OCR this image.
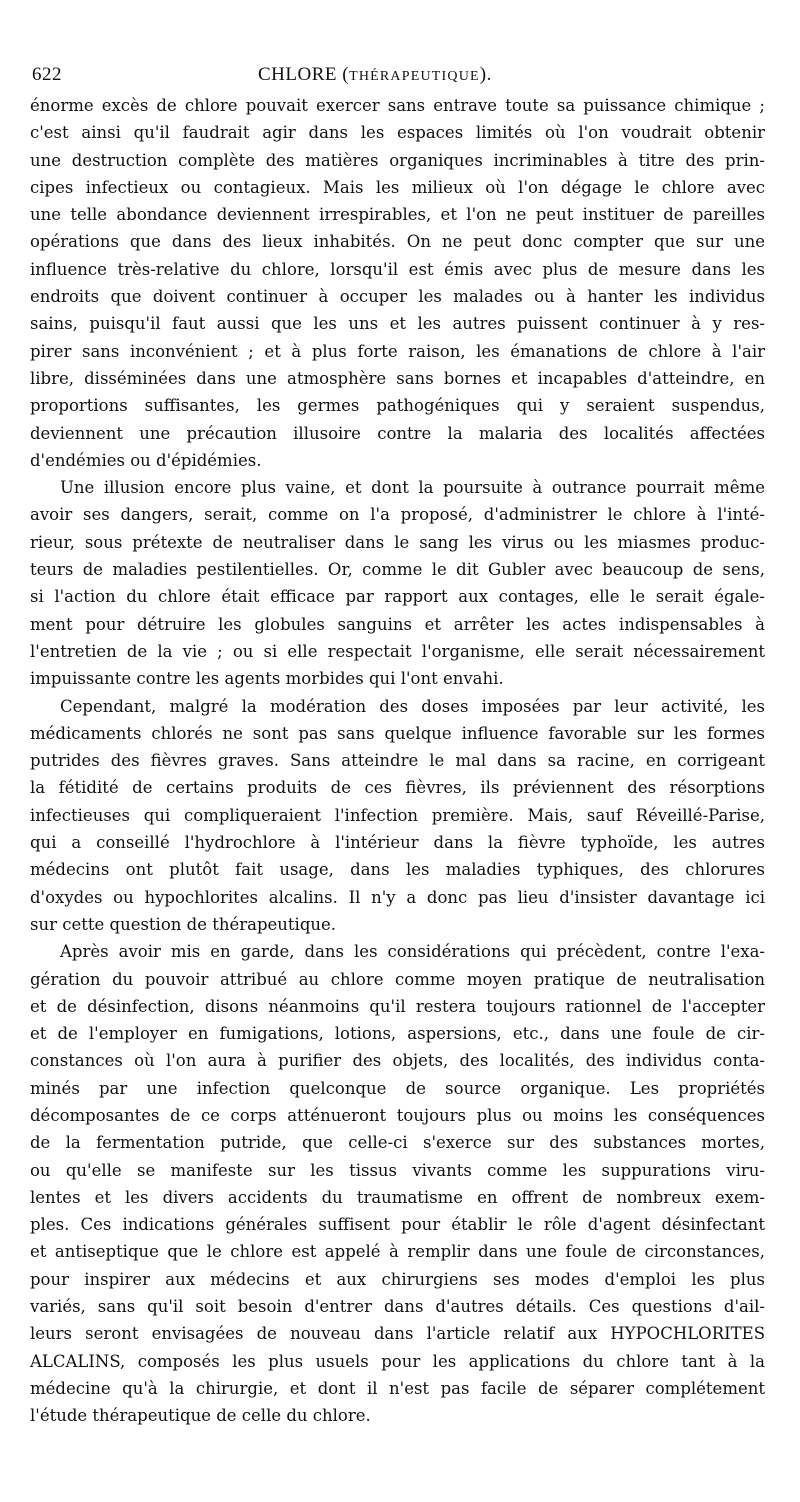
622	CHLORE (THÉRAPEUTIQUE).
énorme excès de chlore pouvait exercer sans entrave toute sa puissance chimique ;
c'est ainsi qu'il faudrait agir dans les espaces limités où l'on voudrait obtenir
une destruction complète des matières organiques incriminables à titre des prin-
cipes infectieux ou contagieux. Mais les milieux où l'on dégage le chlore avec
une telle abondance deviennent irrespirables, et l'on ne peut instituer de pareilles
opérations que dans des lieux inhabités. On ne peut donc compter que sur une
influence très-relative du chlore, lorsqu'il est émis avec plus de mesure dans les
endroits que doivent continuer à occuper les malades ou à hanter les individus
sains, puisqu'il faut aussi que les uns et les autres puissent continuer à y res-
pirer sans inconvénient ; et à plus forte raison, les émanations de chlore à l'air
libre, disséminées dans une atmosphère sans bornes et incapables d'atteindre, en
proportions suffisantes, les germes pathogéniques qui y seraient suspendus,
deviennent une précaution illusoire contre la malaria des localités affectées
d'endémies ou d'épidémies.
Une illusion encore plus vaine, et dont la poursuite à outrance pourrait même
avoir ses dangers, serait, comme on l'a proposé, d'administrer le chlore à l'inté-
rieur, sous prétexte de neutraliser dans le sang les virus ou les miasmes produc-
teurs de maladies pestilentielles. Or, comme le dit Gubler avec beaucoup de sens,
si l'action du chlore était efficace par rapport aux contages, elle le serait égale-
ment pour détruire les globules sanguins et arrêter les actes indispensables à
l'entretien de la vie ; ou si elle respectait l'organisme, elle serait nécessairement
impuissante contre les agents morbides qui l'ont envahi.
Cependant, malgré la modération des doses imposées par leur activité, les
médicaments chlorés ne sont pas sans quelque influence favorable sur les formes
putrides des fièvres graves. Sans atteindre le mal dans sa racine, en corrigeant
la fétidité de certains produits de ces fièvres, ils préviennent des résorptions
infectieuses qui compliqueraient l'infection première. Mais, sauf Réveillé-Parise,
qui a conseillé l'hydrochlore à l'intérieur dans la fièvre typhoïde, les autres
médecins ont plutôt fait usage, dans les maladies typhiques, des chlorures
d'oxydes ou hypochlorites alcalins. Il n'y a donc pas lieu d'insister davantage ici
sur cette question de thérapeutique.
Après avoir mis en garde, dans les considérations qui précèdent, contre l'exa-
gération du pouvoir attribué au chlore comme moyen pratique de neutralisation
et de désinfection, disons néanmoins qu'il restera toujours rationnel de l'accepter
et de l'employer en fumigations, lotions, aspersions, etc., dans une foule de cir-
constances où l'on aura à purifier des objets, des localités, des individus conta-
minés par une infection quelconque de source organique. Les propriétés
décomposantes de ce corps atténueront toujours plus ou moins les conséquences
de la fermentation putride, que celle-ci s'exerce sur des substances mortes,
ou qu'elle se manifeste sur les tissus vivants comme les suppurations viru-
lentes et les divers accidents du traumatisme en offrent de nombreux exem-
ples. Ces indications générales suffisent pour établir le rôle d'agent désinfectant
et antiseptique que le chlore est appelé à remplir dans une foule de circonstances,
pour inspirer aux médecins et aux chirurgiens ses modes d'emploi les plus
variés, sans qu'il soit besoin d'entrer dans d'autres détails. Ces questions d'ail-
leurs seront envisagées de nouveau dans l'article relatif aux HYPOCHLORITES
ALCALINS, composés les plus usuels pour les applications du chlore tant à la
médecine qu'à la chirurgie, et dont il n'est pas facile de séparer complétement
l'étude thérapeutique de celle du chlore.
